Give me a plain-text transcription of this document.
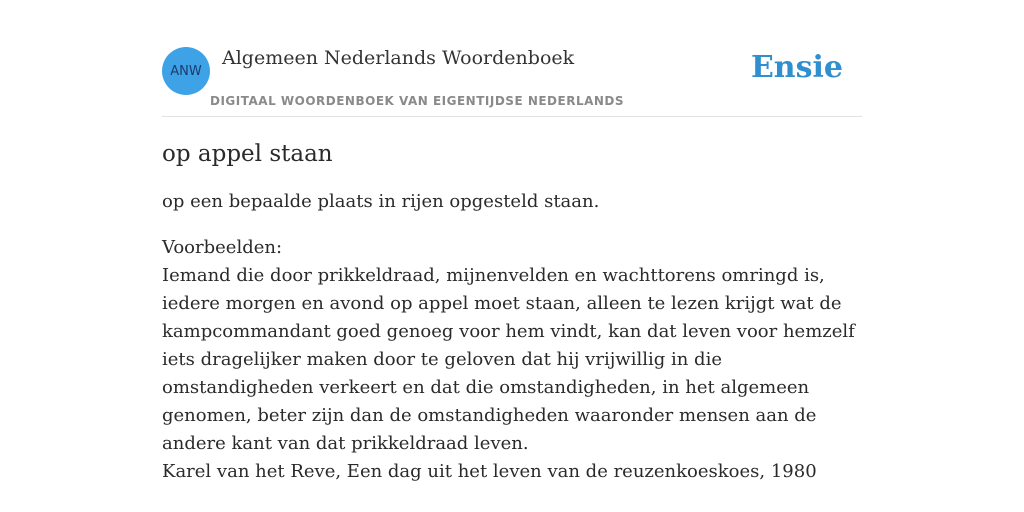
ANW
Algemeen Nederlands Woordenboek
DIGITAAL WOORDENBOEK VAN EIGENTIJDSE NEDERLANDS
Ensie
op appel staan

op een bepaalde plaats in rijen opgesteld staan.

Voorbeelden:
Iemand die door prikkeldraad, mijnenvelden en wachttorens omringd is, iedere morgen en avond op appel moet staan, alleen te lezen krijgt wat de kampcommandant goed genoeg voor hem vindt, kan dat leven voor hemzelf iets dragelijker maken door te geloven dat hij vrijwillig in die omstandigheden verkeert en dat die omstandigheden, in het algemeen genomen, beter zijn dan de omstandigheden waaronder mensen aan de andere kant van dat prikkeldraad leven.
Karel van het Reve, Een dag uit het leven van de reuzenkoeskoes, 1980
